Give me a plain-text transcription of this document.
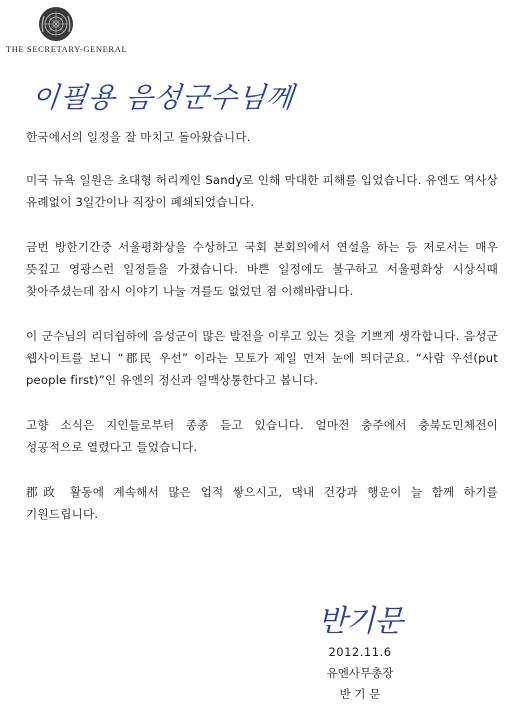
THE SECRETARY-GENERAL
이필용 음성군수님께

한국에서의 일정을 잘 마치고 돌아왔습니다.

미국 뉴욕 일원은 초대형 허리케인 Sandy로 인해 막대한 피해를 입었습니다. 유엔도 역사상 유례없이 3일간이나 직장이 폐쇄되었습니다.

금번 방한기간중 서울평화상을 수상하고 국회 본회의에서 연설을 하는 등 저로서는 매우 뜻깊고 영광스런 일정들을 가졌습니다. 바쁜 일정에도 불구하고 서울평화상 시상식때 찾아주셨는데 잠시 이야기 나눌 겨를도 없었던 점 이해바랍니다.

이 군수님의 리더쉽하에 음성군이 많은 발전을 이루고 있는 것을 기쁘게 생각합니다. 음성군 웹사이트를 보니 “郡民 우선” 이라는 모토가 제일 먼저 눈에 띄더군요. “사람 우선(put people first)”인 유엔의 정신과 일맥상통한다고 봅니다.

고향 소식은 지인들로부터 종종 듣고 있습니다. 얼마전 충주에서 충북도민체전이 성공적으로 열렸다고 들었습니다.

郡政 활동에 계속해서 많은 업적 쌓으시고, 댁내 건강과 행운이 늘 함께 하기를 기원드립니다.

반기문
2012.11.6
유엔사무총장
반 기 문
